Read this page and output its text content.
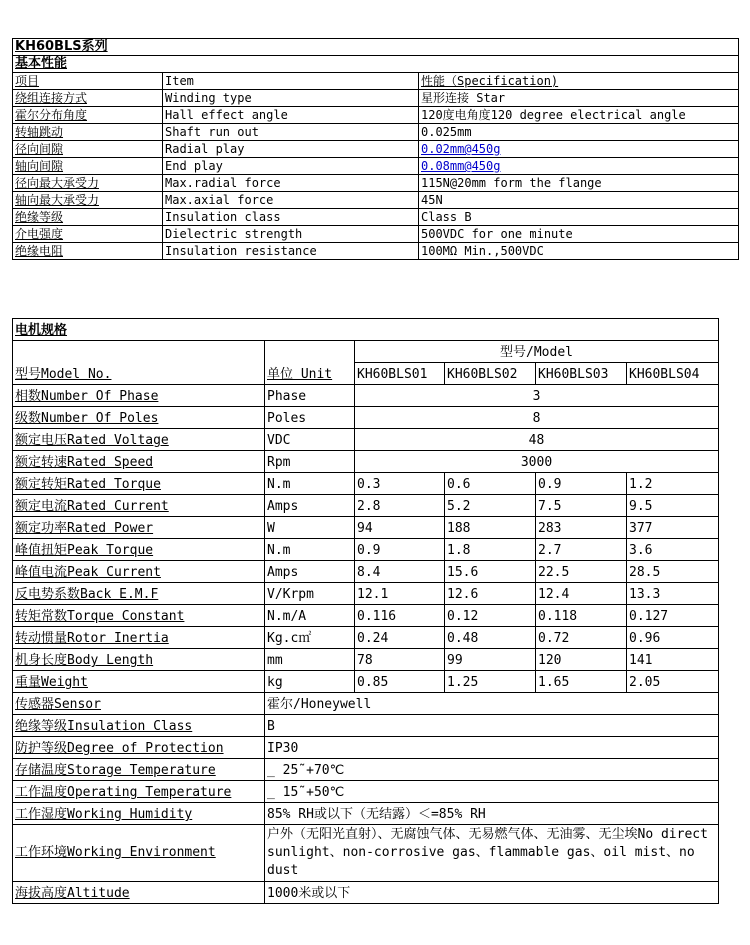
KH60BLS系列		
基本性能		
项目	Item	性能（Specification)
绕组连接方式	Winding type	星形连接 Star
霍尔分布角度	Hall effect angle	120度电角度120 degree electrical angle
转轴跳动	Shaft run out	0.025mm
径向间隙	Radial play	0.02mm@450g
轴向间隙	End play	0.08mm@450g
径向最大承受力	Max.radial force	115N@20mm form the flange
轴向最大承受力	Max.axial force	45N
绝缘等级	Insulation class	Class B
介电强度	Dielectric strength	500VDC for one minute
绝缘电阻	Insulation resistance	100MΩ Min.,500VDC
电机规格					
型号Model No.	单位 Unit	型号/Model			
		KH60BLS01	KH60BLS02	KH60BLS03	KH60BLS04
相数Number Of Phase	Phase	3			
级数Number Of Poles	Poles	8			
额定电压Rated Voltage	VDC	48			
额定转速Rated Speed	Rpm	3000			
额定转矩Rated Torque	N.m	0.3	0.6	0.9	1.2
额定电流Rated Current	Amps	2.8	5.2	7.5	9.5
额定功率Rated Power	W	94	188	283	377
峰值扭矩Peak Torque	N.m	0.9	1.8	2.7	3.6
峰值电流Peak Current	Amps	8.4	15.6	22.5	28.5
反电势系数Back E.M.F	V/Krpm	12.1	12.6	12.4	13.3
转矩常数Torque Constant	N.m/A	0.116	0.12	0.118	0.127
转动惯量Rotor Inertia	Kg.c㎡	0.24	0.48	0.72	0.96
机身长度Body Length	mm	78	99	120	141
重量Weight	kg	0.85	1.25	1.65	2.05
传感器Sensor	霍尔/Honeywell				
绝缘等级Insulation Class	B				
防护等级Degree of Protection	IP30				
存储温度Storage Temperature	_ 25˜+70℃				
工作温度Operating Temperature	_ 15˜+50℃				
工作湿度Working Humidity	85% RH或以下（无结露）＜=85% RH				
工作环境Working Environment	户外（无阳光直射）、无腐蚀气体、无易燃气体、无油雾、无尘埃No direct sunlight、non-corrosive gas、flammable gas、oil mist、no dust				
海拔高度Altitude	1000米或以下				
